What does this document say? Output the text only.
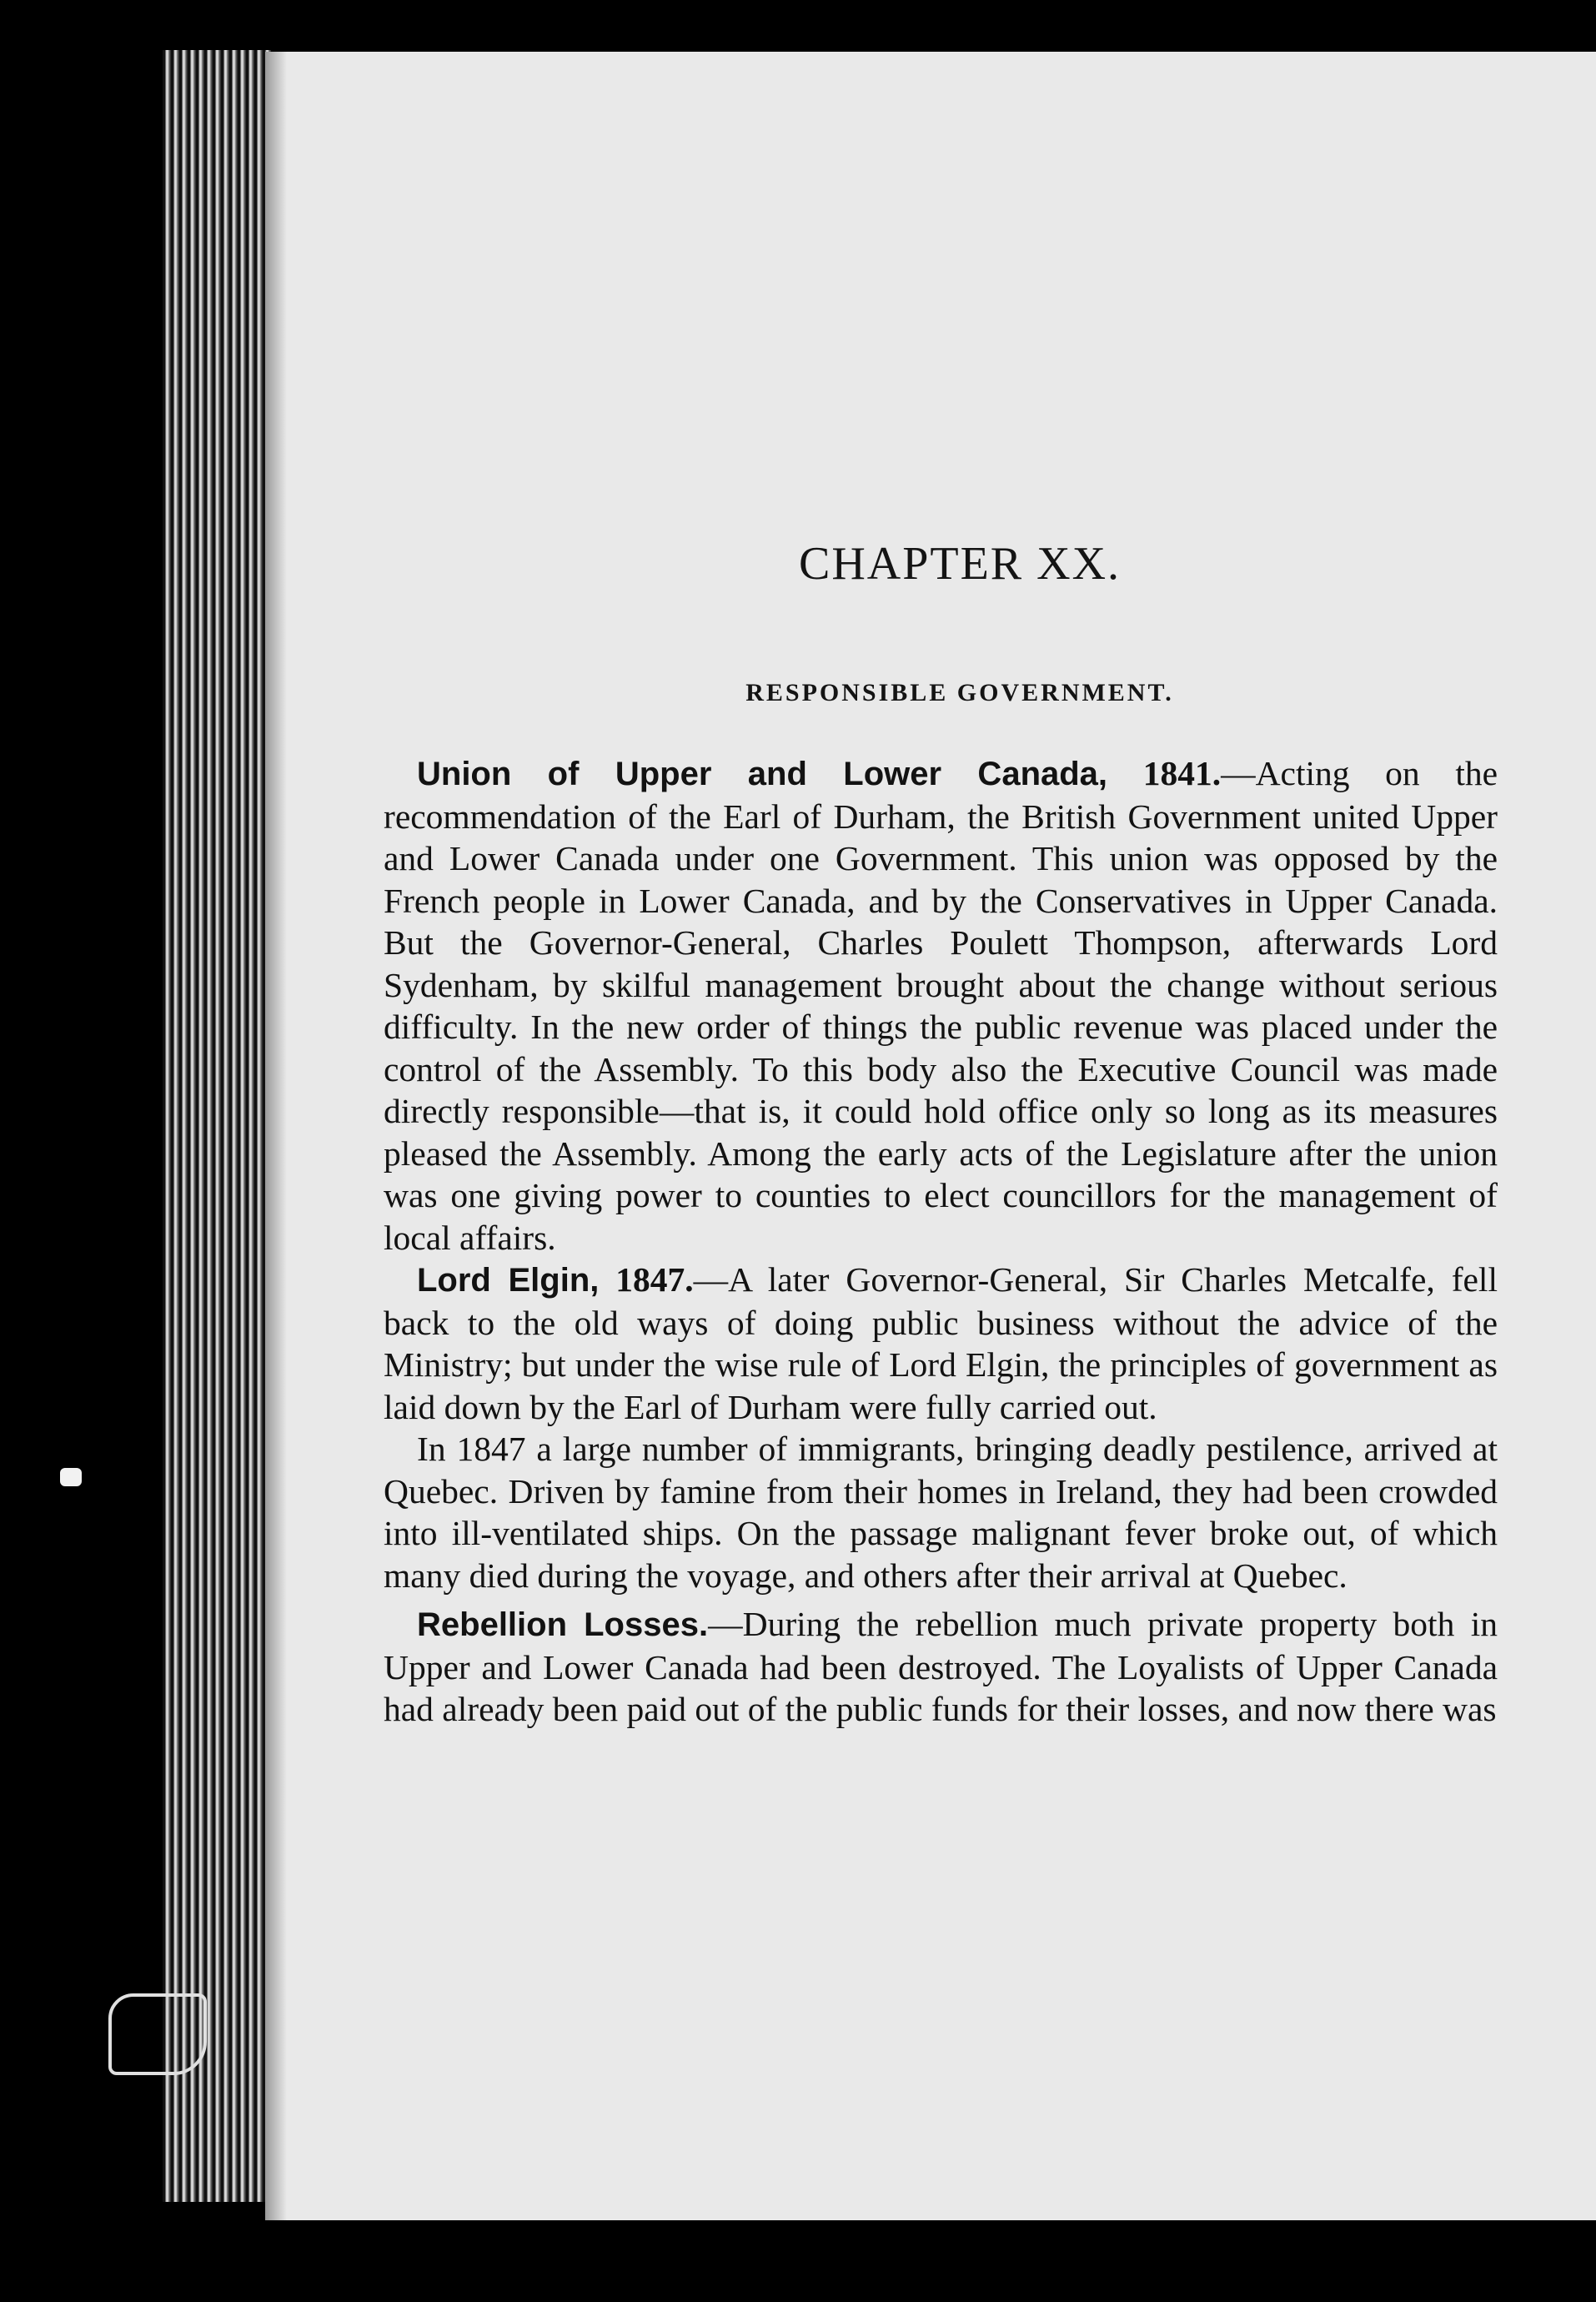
CHAPTER XX.
RESPONSIBLE GOVERNMENT.

Union of Upper and Lower Canada, 1841.—Acting on the recommendation of the Earl of Durham, the British Government united Upper and Lower Canada under one Government. This union was opposed by the French people in Lower Canada, and by the Conservatives in Upper Canada. But the Governor-General, Charles Poulett Thompson, afterwards Lord Sydenham, by skilful management brought about the change without serious difficulty. In the new order of things the public revenue was placed under the control of the Assembly. To this body also the Executive Council was made directly responsible—that is, it could hold office only so long as its measures pleased the Assembly. Among the early acts of the Legislature after the union was one giving power to counties to elect councillors for the management of local affairs.

Lord Elgin, 1847.—A later Governor-General, Sir Charles Metcalfe, fell back to the old ways of doing public business without the advice of the Ministry; but under the wise rule of Lord Elgin, the principles of government as laid down by the Earl of Durham were fully carried out.

In 1847 a large number of immigrants, bringing deadly pestilence, arrived at Quebec. Driven by famine from their homes in Ireland, they had been crowded into ill-ventilated ships. On the passage malignant fever broke out, of which many died during the voyage, and others after their arrival at Quebec.

Rebellion Losses.—During the rebellion much private property both in Upper and Lower Canada had been destroyed. The Loyalists of Upper Canada had already been paid out of the public funds for their losses, and now there was
